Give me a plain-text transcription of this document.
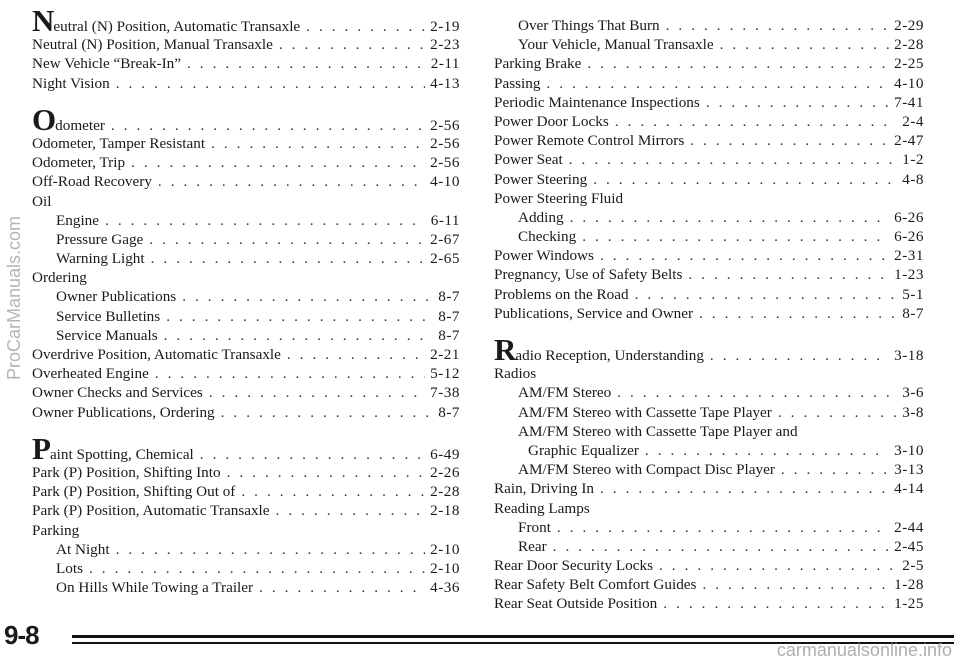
Neutral (N) Position, Automatic Transaxle . . .	2-19
Neutral (N) Position, Manual Transaxle . . .	2-23
New Vehicle “Break-In” . . .	2-11
Night Vision . . .	4-13
Odometer . . .	2-56
Odometer, Tamper Resistant . . .	2-56
Odometer, Trip . . .	2-56
Off-Road Recovery . . .	4-10
Oil
Engine . . .	6-11
Pressure Gage . . .	2-67
Warning Light . . .	2-65
Ordering
Owner Publications . . .	8-7
Service Bulletins . . .	8-7
Service Manuals . . .	8-7
Overdrive Position, Automatic Transaxle . . .	2-21
Overheated Engine . . .	5-12
Owner Checks and Services . . .	7-38
Owner Publications, Ordering . . .	8-7
Paint Spotting, Chemical . . .	6-49
Park (P) Position, Shifting Into . . .	2-26
Park (P) Position, Shifting Out of . . .	2-28
Park (P) Position, Automatic Transaxle . . .	2-18
Parking
At Night . . .	2-10
Lots . . .	2-10
On Hills While Towing a Trailer . . .	4-36
Over Things That Burn . . .	2-29
Your Vehicle, Manual Transaxle . . .	2-28
Parking Brake . . .	2-25
Passing . . .	4-10
Periodic Maintenance Inspections . . .	7-41
Power Door Locks . . .	2-4
Power Remote Control Mirrors . . .	2-47
Power Seat . . .	1-2
Power Steering . . .	4-8
Power Steering Fluid
Adding . . .	6-26
Checking . . .	6-26
Power Windows . . .	2-31
Pregnancy, Use of Safety Belts . . .	1-23
Problems on the Road . . .	5-1
Publications, Service and Owner . . .	8-7
Radio Reception, Understanding . . .	3-18
Radios
AM/FM Stereo . . .	3-6
AM/FM Stereo with Cassette Tape Player . . .	3-8
AM/FM Stereo with Cassette Tape Player and
Graphic Equalizer . . .	3-10
AM/FM Stereo with Compact Disc Player . . .	3-13
Rain, Driving In . . .	4-14
Reading Lamps
Front . . .	2-44
Rear . . .	2-45
Rear Door Security Locks . . .	2-5
Rear Safety Belt Comfort Guides . . .	1-28
Rear Seat Outside Position . . .	1-25
9-8
ProCarManuals.com
carmanualsonline.info
